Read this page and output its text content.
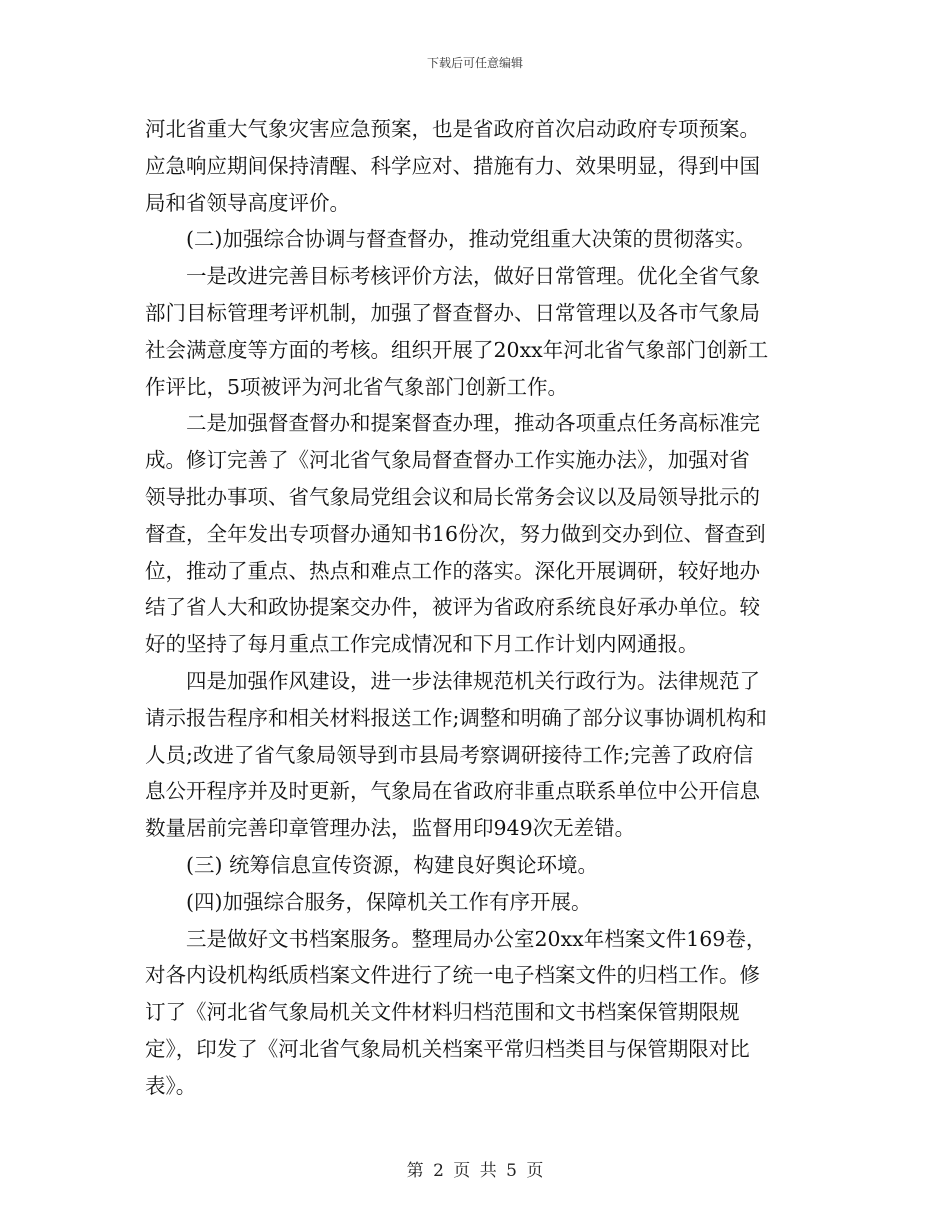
下载后可任意编辑
河北省重大气象灾害应急预案，也是省政府首次启动政府专项预案。
应急响应期间保持清醒、科学应对、措施有力、效果明显，得到中国
局和省领导高度评价。
(二)加强综合协调与督查督办，推动党组重大决策的贯彻落实。
一是改进完善目标考核评价方法，做好日常管理。优化全省气象
部门目标管理考评机制，加强了督查督办、日常管理以及各市气象局
社会满意度等方面的考核。组织开展了20xx年河北省气象部门创新工
作评比，5项被评为河北省气象部门创新工作。
二是加强督查督办和提案督查办理，推动各项重点任务高标准完
成。修订完善了《河北省气象局督查督办工作实施办法》，加强对省
领导批办事项、省气象局党组会议和局长常务会议以及局领导批示的
督查，全年发出专项督办通知书16份次，努力做到交办到位、督查到
位，推动了重点、热点和难点工作的落实。深化开展调研，较好地办
结了省人大和政协提案交办件，被评为省政府系统良好承办单位。较
好的坚持了每月重点工作完成情况和下月工作计划内网通报。
四是加强作风建设，进一步法律规范机关行政行为。法律规范了
请示报告程序和相关材料报送工作;调整和明确了部分议事协调机构和
人员;改进了省气象局领导到市县局考察调研接待工作;完善了政府信
息公开程序并及时更新，气象局在省政府非重点联系单位中公开信息
数量居前完善印章管理办法，监督用印949次无差错。
(三) 统筹信息宣传资源，构建良好舆论环境。
(四)加强综合服务，保障机关工作有序开展。
三是做好文书档案服务。整理局办公室20xx年档案文件169卷，
对各内设机构纸质档案文件进行了统一电子档案文件的归档工作。修
订了《河北省气象局机关文件材料归档范围和文书档案保管期限规
定》，印发了《河北省气象局机关档案平常归档类目与保管期限对比
表》。
第 2 页 共 5 页
